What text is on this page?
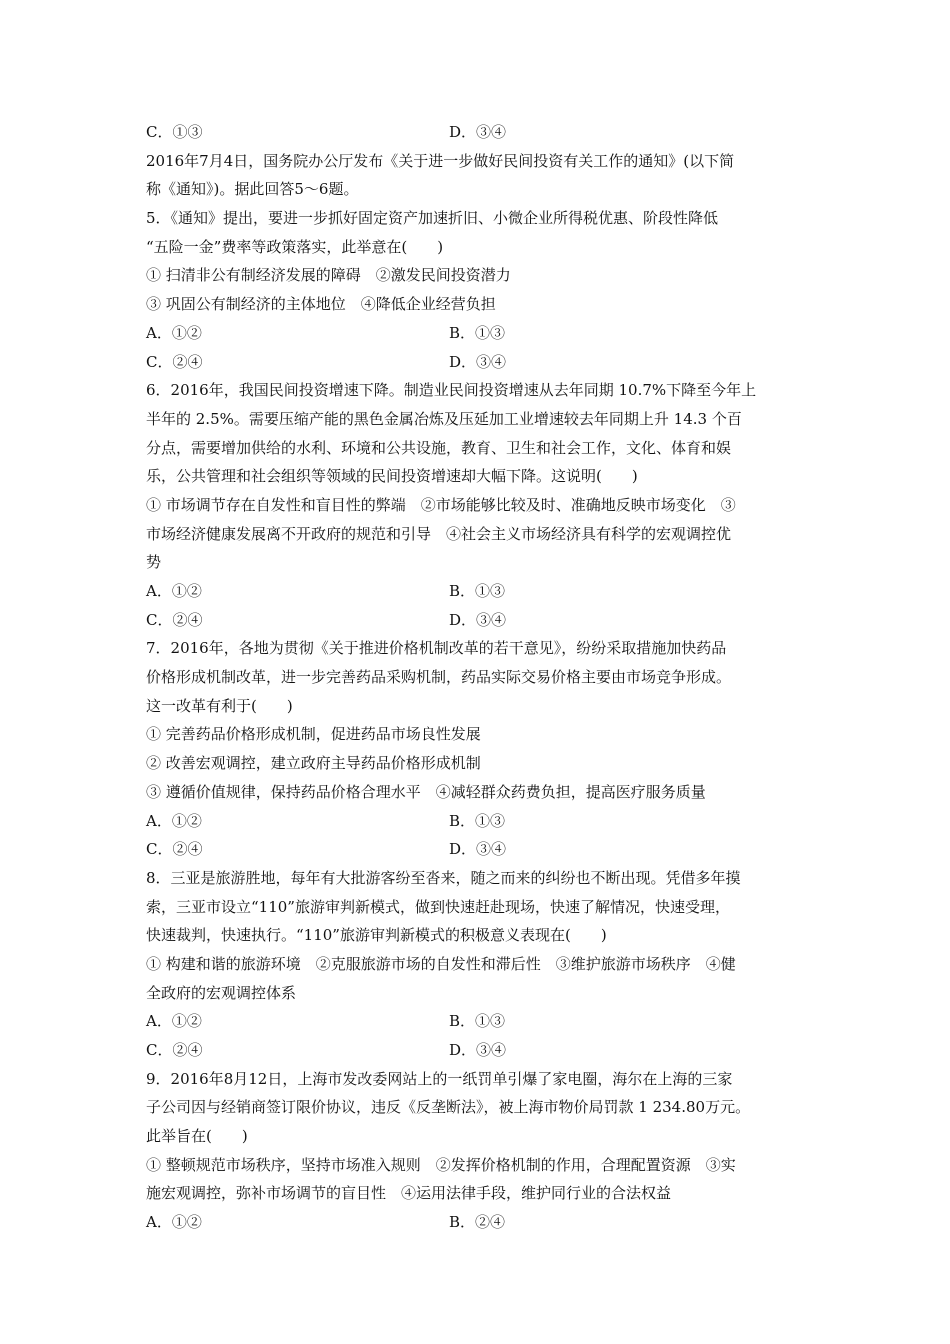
C．①③	D．③④
2016年7月4日，国务院办公厅发布《关于进一步做好民间投资有关工作的通知》(以下简
称《通知》)。据此回答5～6题。
5．《通知》提出，要进一步抓好固定资产加速折旧、小微企业所得税优惠、阶段性降低
“五险一金”费率等政策落实，此举意在(　　)
① 扫清非公有制经济发展的障碍　②激发民间投资潜力
③ 巩固公有制经济的主体地位　④降低企业经营负担
A．①②	B．①③
C．②④	D．③④
6．2016年，我国民间投资增速下降。制造业民间投资增速从去年同期 10.7%下降至今年上
半年的 2.5%。需要压缩产能的黑色金属冶炼及压延加工业增速较去年同期上升 14.3 个百
分点，需要增加供给的水利、环境和公共设施，教育、卫生和社会工作，文化、体育和娱
乐，公共管理和社会组织等领域的民间投资增速却大幅下降。这说明(　　)
① 市场调节存在自发性和盲目性的弊端　②市场能够比较及时、准确地反映市场变化　③
市场经济健康发展离不开政府的规范和引导　④社会主义市场经济具有科学的宏观调控优
势
A．①②	B．①③
C．②④	D．③④
7．2016年，各地为贯彻《关于推进价格机制改革的若干意见》，纷纷采取措施加快药品
价格形成机制改革，进一步完善药品采购机制，药品实际交易价格主要由市场竞争形成。
这一改革有利于(　　)
① 完善药品价格形成机制，促进药品市场良性发展
② 改善宏观调控，建立政府主导药品价格形成机制
③ 遵循价值规律，保持药品价格合理水平　④减轻群众药费负担，提高医疗服务质量
A．①②	B．①③
C．②④	D．③④
8．三亚是旅游胜地，每年有大批游客纷至沓来，随之而来的纠纷也不断出现。凭借多年摸
索，三亚市设立“110”旅游审判新模式，做到快速赶赴现场，快速了解情况，快速受理，
快速裁判，快速执行。“110”旅游审判新模式的积极意义表现在(　　)
① 构建和谐的旅游环境　②克服旅游市场的自发性和滞后性　③维护旅游市场秩序　④健
全政府的宏观调控体系
A．①②	B．①③
C．②④	D．③④
9．2016年8月12日，上海市发改委网站上的一纸罚单引爆了家电圈，海尔在上海的三家
子公司因与经销商签订限价协议，违反《反垄断法》，被上海市物价局罚款 1 234.80万元。
此举旨在(　　)
① 整顿规范市场秩序，坚持市场准入规则　②发挥价格机制的作用，合理配置资源　③实
施宏观调控，弥补市场调节的盲目性　④运用法律手段，维护同行业的合法权益
A．①②	B．②④
